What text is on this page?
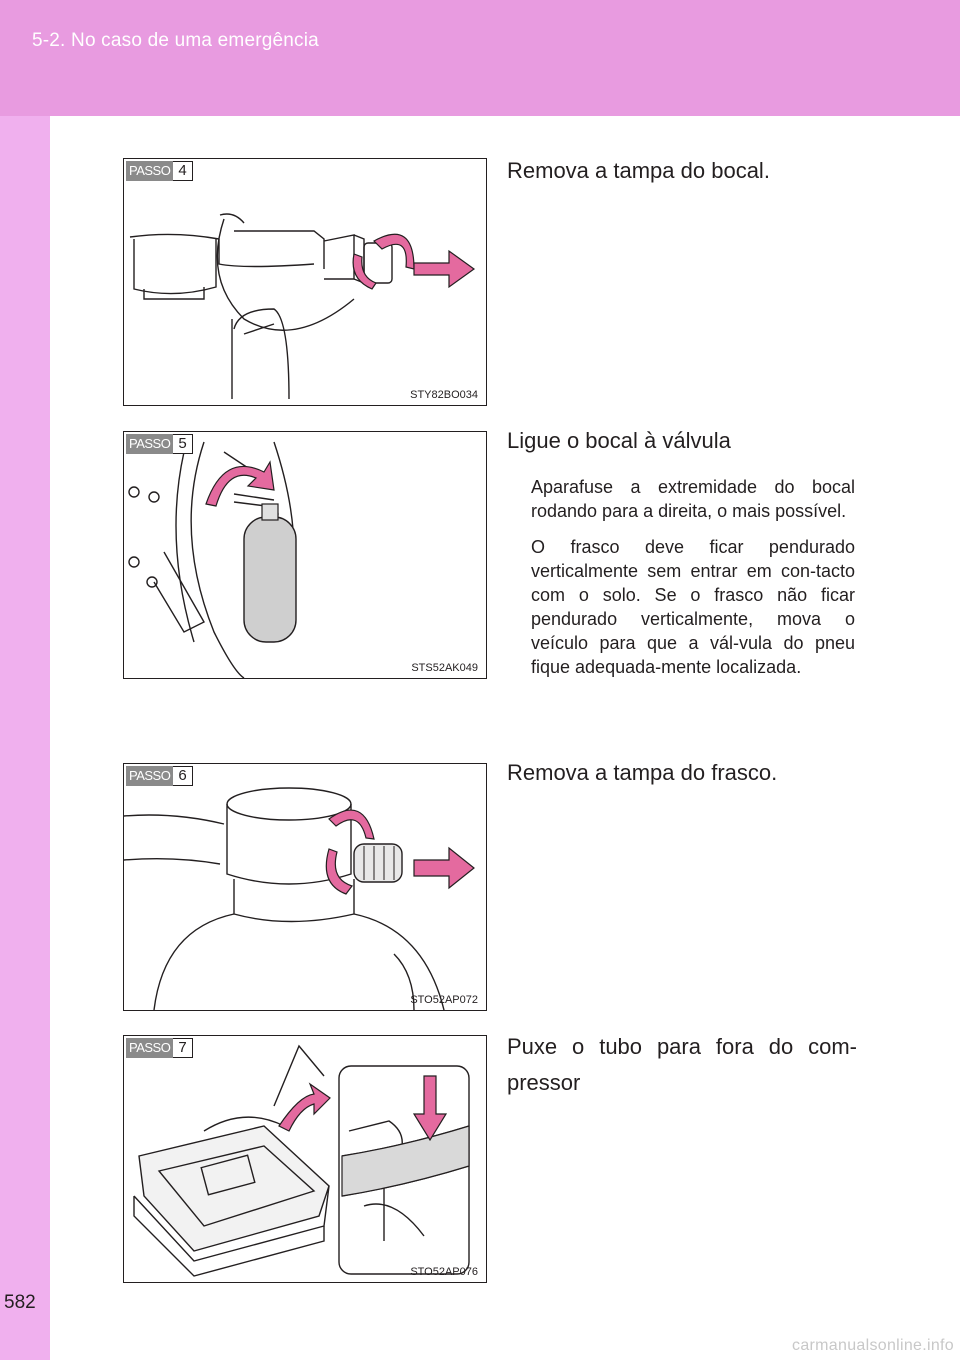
5-2. No caso de uma emergência
582
carmanualsonline.info
PASSO 4
STY82BO034
Remova a tampa do bocal.
PASSO 5
STS52AK049
Ligue o bocal à válvula

Aparafuse a extremidade do bocal rodando para a direita, o mais possível.

O frasco deve ficar pendurado verticalmente sem entrar em con-tacto com o solo. Se o frasco não ficar pendurado verticalmente, mova o veículo para que a vál-vula do pneu fique adequada-mente localizada.

PASSO 6
STO52AP072
Remova a tampa do frasco.
PASSO 7
STO52AP076
Puxe o tubo para fora do com-pressor
